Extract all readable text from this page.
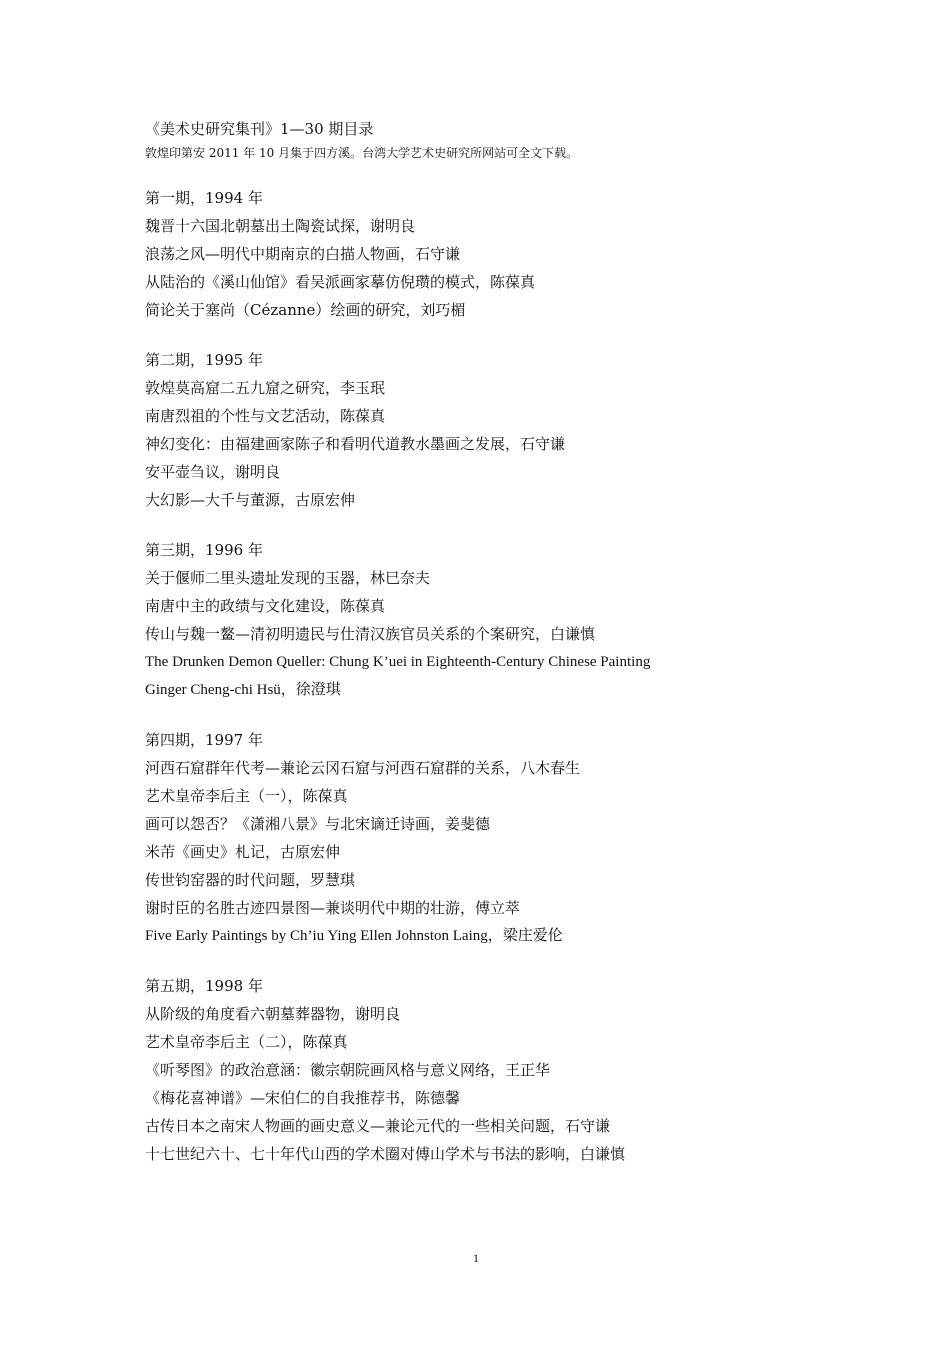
《美术史研究集刊》1—30 期目录

敦煌印第安 2011 年 10 月集于四方溪。台湾大学艺术史研究所网站可全文下载。

第一期，1994 年
魏晋十六国北朝墓出土陶瓷试探，谢明良
浪荡之风—明代中期南京的白描人物画，石守谦
从陆治的《溪山仙馆》看吴派画家摹仿倪瓒的模式，陈葆真
简论关于塞尚（Cézanne）绘画的研究，刘巧楣
第二期，1995 年
敦煌莫高窟二五九窟之研究，李玉珉
南唐烈祖的个性与文艺活动，陈葆真
神幻变化：由福建画家陈子和看明代道教水墨画之发展，石守谦
安平壶刍议，谢明良
大幻影—大千与董源，古原宏伸
第三期，1996 年
关于偃师二里头遗址发现的玉器，林巳奈夫
南唐中主的政绩与文化建设，陈葆真
传山与魏一鳌—清初明遗民与仕清汉族官员关系的个案研究，白谦慎
The Drunken Demon Queller: Chung K’uei in Eighteenth-Century Chinese Painting
Ginger Cheng-chi Hsü，徐澄琪
第四期，1997 年
河西石窟群年代考—兼论云冈石窟与河西石窟群的关系，八木春生
艺术皇帝李后主（一），陈葆真
画可以怨否？《潇湘八景》与北宋谪迁诗画，姜斐德
米芾《画史》札记，古原宏伸
传世钧窑器的时代问题，罗慧琪
谢时臣的名胜古迹四景图—兼谈明代中期的壮游，傅立萃
Five Early Paintings by Ch’iu Ying Ellen Johnston Laing，梁庄爱伦
第五期，1998 年
从阶级的角度看六朝墓葬器物，谢明良
艺术皇帝李后主（二），陈葆真
《听琴图》的政治意涵：徽宗朝院画风格与意义网络，王正华
《梅花喜神谱》—宋伯仁的自我推荐书，陈德馨
古传日本之南宋人物画的画史意义—兼论元代的一些相关问题，石守谦
十七世纪六十、七十年代山西的学术圈对傅山学术与书法的影响，白谦慎
1
